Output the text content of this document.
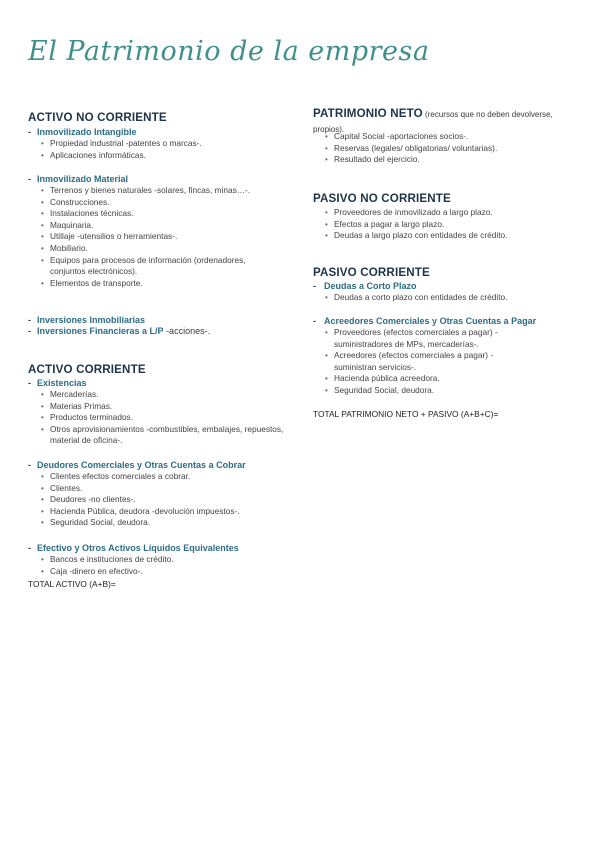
El Patrimonio de la empresa
ACTIVO NO CORRIENTE
- Inmovilizado Intangible
• Propiedad industrial -patentes o marcas-.
• Aplicaciones informáticas.
- Inmovilizado Material
• Terrenos y bienes naturales -solares, fincas, minas…-.
• Construcciones.
• Instalaciones técnicas.
• Maquinaria.
• Utillaje -utensilios o herramientas-.
• Mobiliario.
• Equipos para procesos de información (ordenadores, conjuntos electrónicos).
• Elementos de transporte.
- Inversiones Inmobiliarias
- Inversiones Financieras a L/P -acciones-.
ACTIVO CORRIENTE
- Existencias
• Mercaderías.
• Materias Primas.
• Productos terminados.
• Otros aprovisionamientos -combustibles, embalajes, repuestos, material de oficina-.
- Deudores Comerciales y Otras Cuentas a Cobrar
• Clientes efectos comerciales a cobrar.
• Clientes.
• Deudores -no clientes-.
• Hacienda Pública, deudora -devolución impuestos-.
• Seguridad Social, deudora.
- Efectivo y Otros Activos Líquidos Equivalentes
• Bancos e instituciones de crédito.
• Caja -dinero en efectivo-.
TOTAL ACTIVO (A+B)=
PATRIMONIO NETO (recursos que no deben devolverse, propios).
• Capital Social -aportaciones socios-.
• Reservas (legales/ obligatorias/ voluntarias).
• Resultado del ejercicio.
PASIVO NO CORRIENTE
• Proveedores de inmovilizado a largo plazo.
• Efectos a pagar a largo plazo.
• Deudas a largo plazo con entidades de crédito.
PASIVO CORRIENTE
- Deudas a Corto Plazo
• Deudas a corto plazo con entidades de crédito.
- Acreedores Comerciales y Otras Cuentas a Pagar
• Proveedores (efectos comerciales a pagar) -suministradores de MPs, mercaderías-.
• Acreedores (efectos comerciales a pagar) -suministran servicios-.
• Hacienda pública acreedora.
• Seguridad Social, deudora.
TOTAL PATRIMONIO NETO + PASIVO (A+B+C)=
